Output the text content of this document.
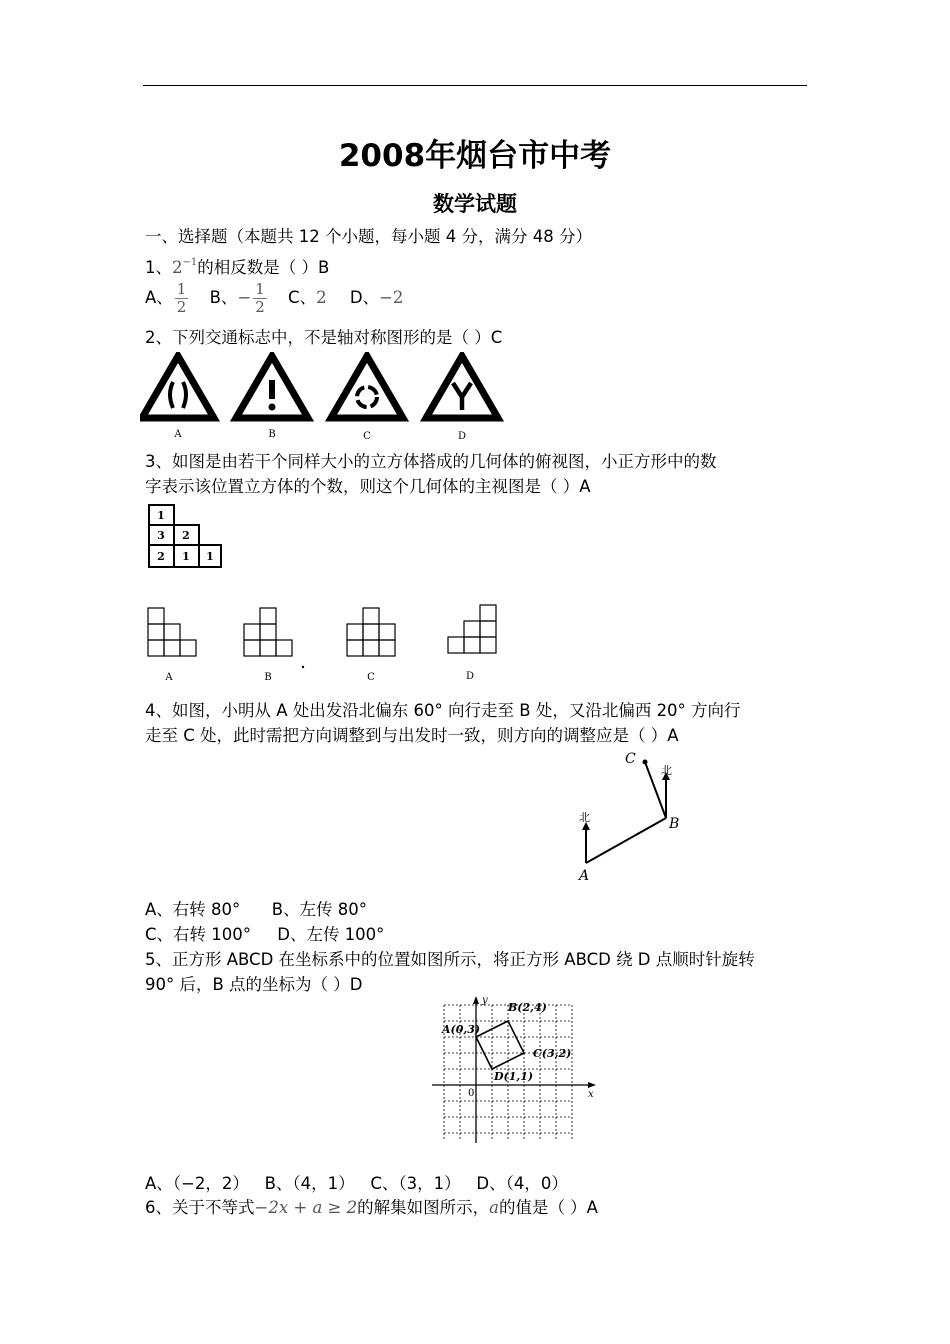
2008年烟台市中考
数学试题
一、选择题（本题共 12 个小题，每小题 4 分，满分 48 分）
1、$2^{-1}$的相反数是（ ）B
A、 $\frac{1}{2}$ B、− $\frac{1}{2}$ C、2 D、−2
2、下列交通标志中，不是轴对称图形的是（ ）C
A	B	C	D
3、如图是由若干个同样大小的立方体搭成的几何体的俯视图，小正方形中的数
字表示该位置立方体的个数，则这个几何体的主视图是（ ）A
1
3 2
2 1 1
A	B	C	D
4、如图，小明从 A 处出发沿北偏东 60° 向行走至 B 处，又沿北偏西 20° 方向行
走至 C 处，此时需把方向调整到与出发时一致，则方向的调整应是（ ）A
北
北
A
B
C
A、右转 80°      B、左传 80°
C、右转 100°     D、左传 100°
5、正方形 ABCD 在坐标系中的位置如图所示，将正方形 ABCD 绕 D 点顺时针旋转
90° 后，B 点的坐标为（ ）D
y
x
0
A(0,3)
B(2,4)
C(3,2)
D(1,1)
A、（−2，2）   B、（4，1）   C、（3，1）   D、（4，0）
6、关于不等式−2x + a ≥ 2的解集如图所示，a的值是（ ）A
